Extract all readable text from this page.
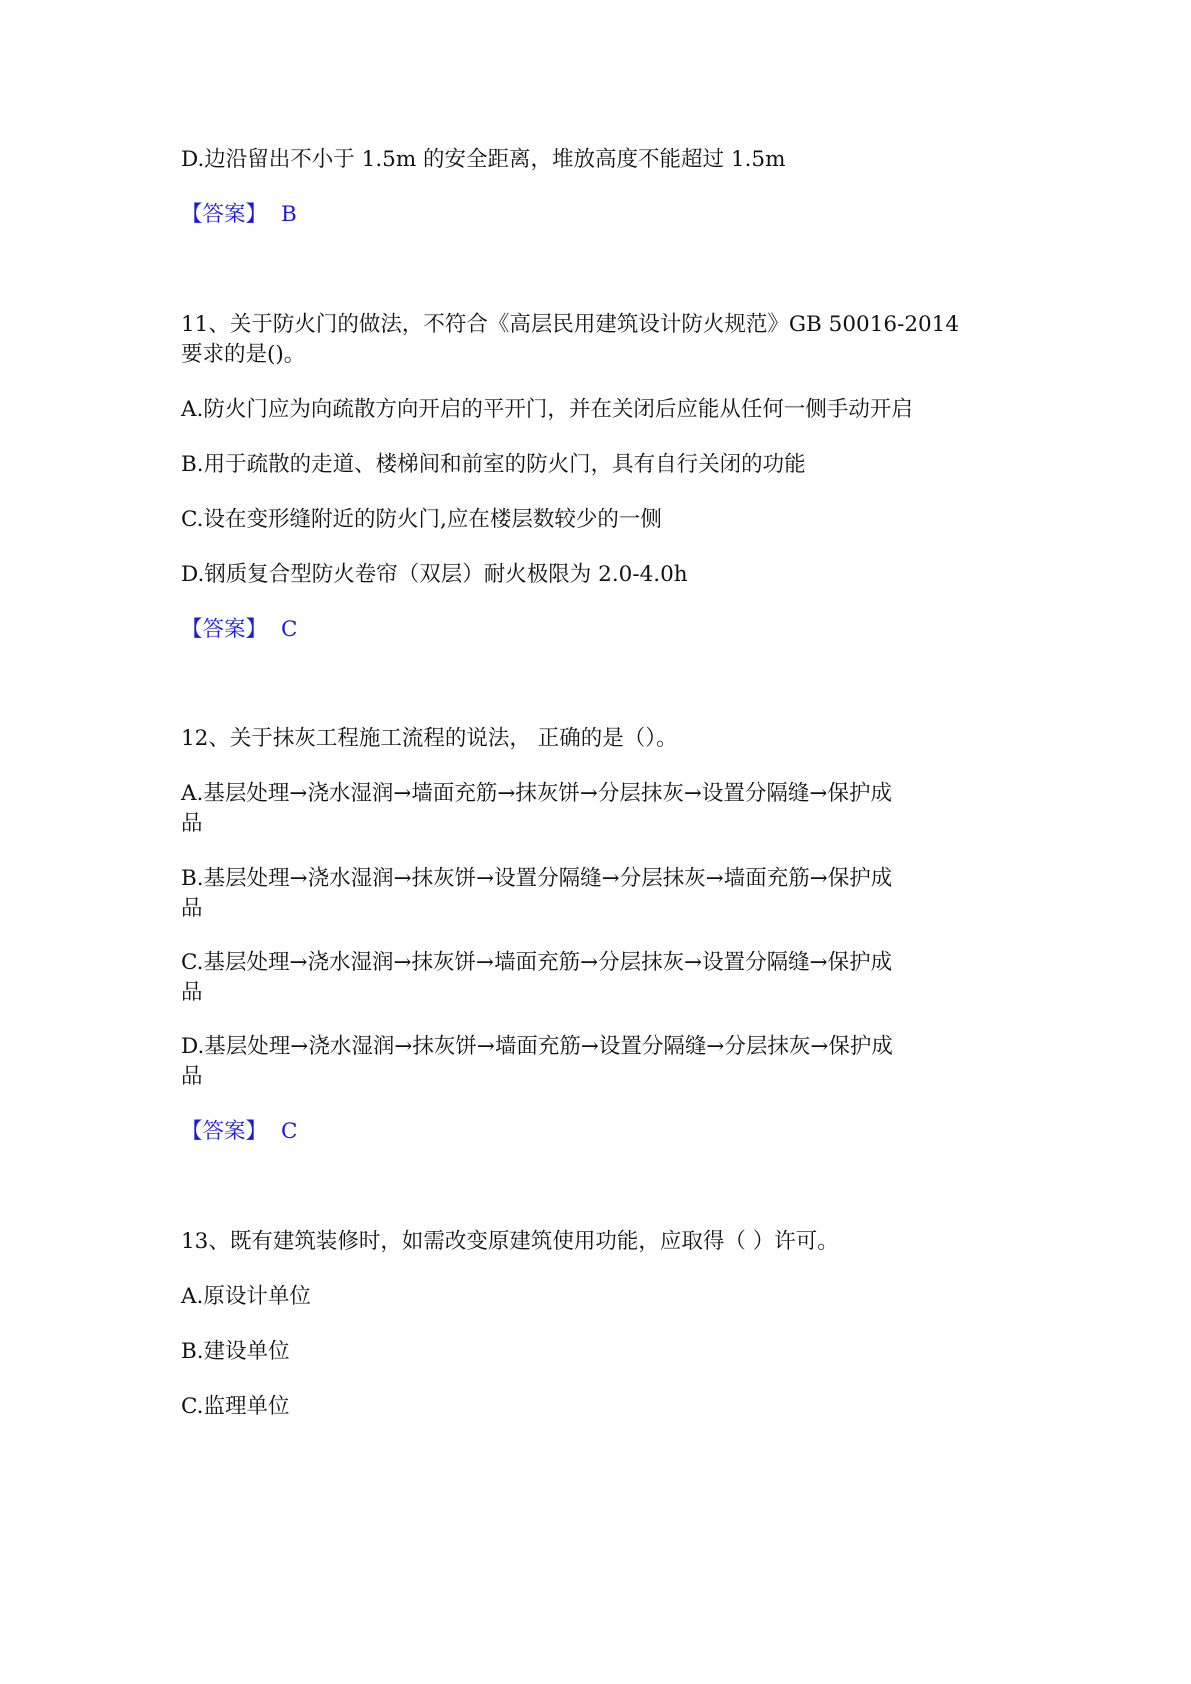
D.边沿留出不小于 1.5m 的安全距离，堆放高度不能超过 1.5m
【答案】 B
11、关于防火门的做法，不符合《高层民用建筑设计防火规范》GB 50016-2014
要求的是()。
A.防火门应为向疏散方向开启的平开门，并在关闭后应能从任何一侧手动开启
B.用于疏散的走道、楼梯间和前室的防火门，具有自行关闭的功能
C.设在变形缝附近的防火门,应在楼层数较少的一侧
D.钢质复合型防火卷帘（双层）耐火极限为 2.0-4.0h
【答案】 C
12、关于抹灰工程施工流程的说法， 正确的是（）。
A.基层处理→浇水湿润→墙面充筋→抹灰饼→分层抹灰→设置分隔缝→保护成
品
B.基层处理→浇水湿润→抹灰饼→设置分隔缝→分层抹灰→墙面充筋→保护成
品
C.基层处理→浇水湿润→抹灰饼→墙面充筋→分层抹灰→设置分隔缝→保护成
品
D.基层处理→浇水湿润→抹灰饼→墙面充筋→设置分隔缝→分层抹灰→保护成
品
【答案】 C
13、既有建筑装修时，如需改变原建筑使用功能，应取得（ ）许可。
A.原设计单位
B.建设单位
C.监理单位
